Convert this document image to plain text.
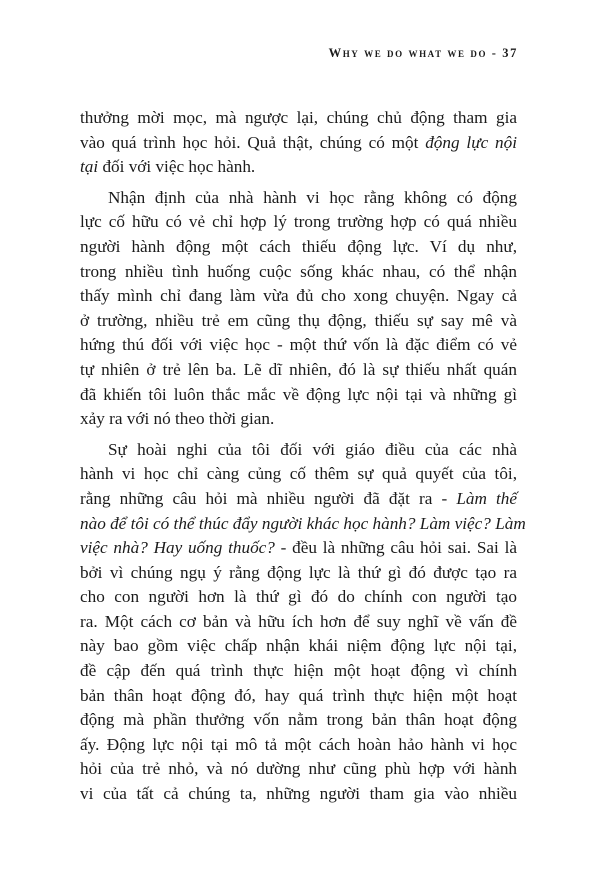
Why we do what we do - 37

thưởng mời mọc, mà ngược lại, chúng chủ động tham gia
vào quá trình học hỏi. Quả thật, chúng có một động lực nội
tại đối với việc học hành.

Nhận định của nhà hành vi học rằng không có động
lực cố hữu có vẻ chỉ hợp lý trong trường hợp có quá nhiều
người hành động một cách thiếu động lực. Ví dụ như,
trong nhiều tình huống cuộc sống khác nhau, có thể nhận
thấy mình chỉ đang làm vừa đủ cho xong chuyện. Ngay cả
ở trường, nhiều trẻ em cũng thụ động, thiếu sự say mê và
hứng thú đối với việc học - một thứ vốn là đặc điểm có vẻ
tự nhiên ở trẻ lên ba. Lẽ dĩ nhiên, đó là sự thiếu nhất quán
đã khiến tôi luôn thắc mắc về động lực nội tại và những gì
xảy ra với nó theo thời gian.

Sự hoài nghi của tôi đối với giáo điều của các nhà
hành vi học chỉ càng củng cố thêm sự quả quyết của tôi,
rằng những câu hỏi mà nhiều người đã đặt ra - Làm thế
nào để tôi có thể thúc đẩy người khác học hành? Làm việc? Làm
việc nhà? Hay uống thuốc? - đều là những câu hỏi sai. Sai là
bởi vì chúng ngụ ý rằng động lực là thứ gì đó được tạo ra
cho con người hơn là thứ gì đó do chính con người tạo
ra. Một cách cơ bản và hữu ích hơn để suy nghĩ về vấn đề
này bao gồm việc chấp nhận khái niệm động lực nội tại,
đề cập đến quá trình thực hiện một hoạt động vì chính
bản thân hoạt động đó, hay quá trình thực hiện một hoạt
động mà phần thưởng vốn nằm trong bản thân hoạt động
ấy. Động lực nội tại mô tả một cách hoàn hảo hành vi học
hỏi của trẻ nhỏ, và nó dường như cũng phù hợp với hành
vi của tất cả chúng ta, những người tham gia vào nhiều
